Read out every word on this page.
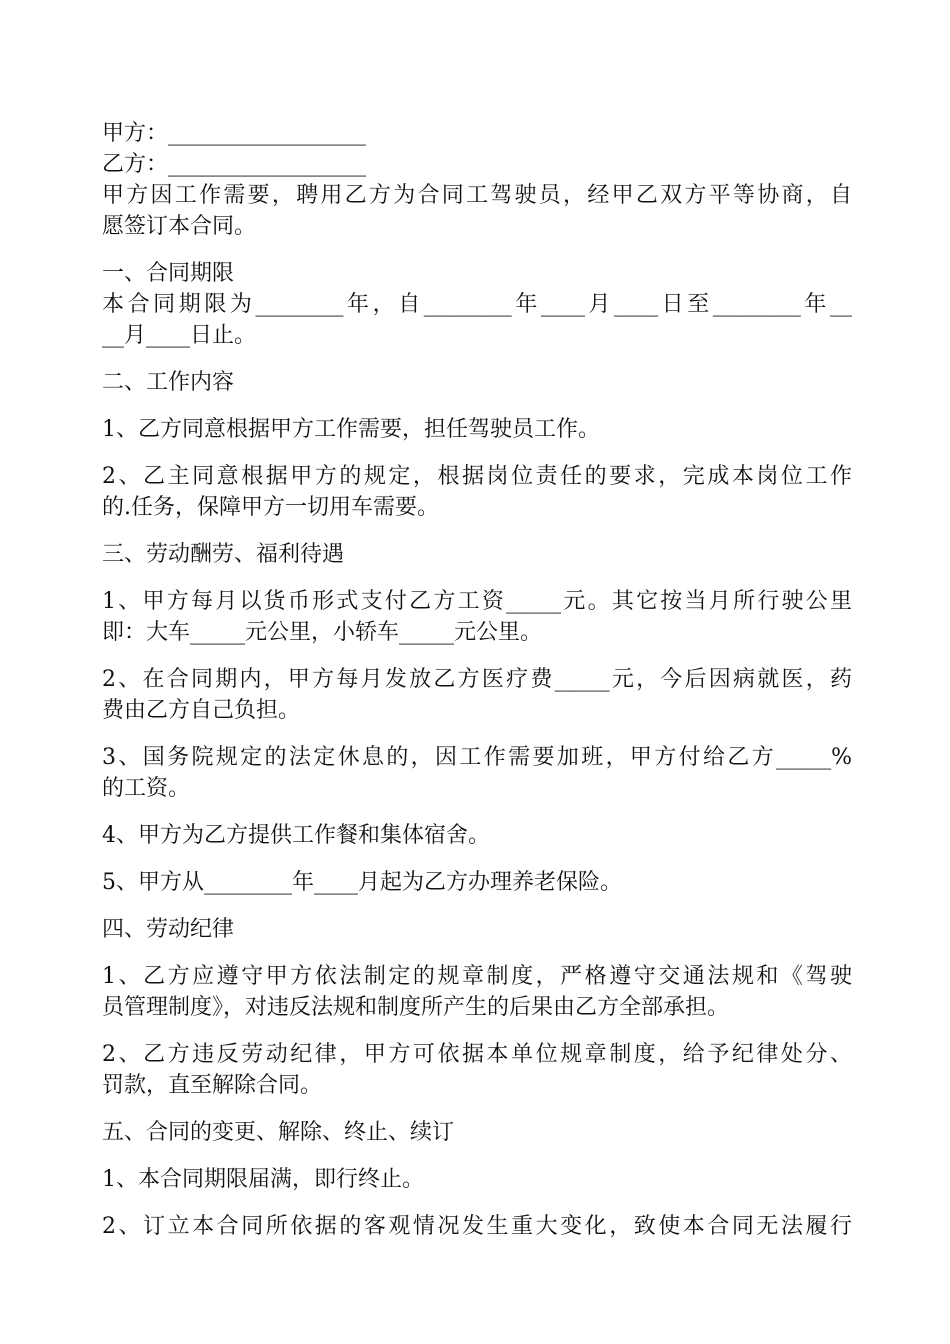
甲方：__________________
乙方：__________________
甲方因工作需要，聘用乙方为合同工驾驶员，经甲乙双方平等协商，自
愿签订本合同。
一、合同期限
本合同期限为________年，自________年____月____日至________年__
__月____日止。
二、工作内容
1、乙方同意根据甲方工作需要，担任驾驶员工作。
2、乙主同意根据甲方的规定，根据岗位责任的要求，完成本岗位工作
的.任务，保障甲方一切用车需要。
三、劳动酬劳、福利待遇
1、甲方每月以货币形式支付乙方工资_____元。其它按当月所行驶公里
即：大车_____元公里，小轿车_____元公里。
2、在合同期内，甲方每月发放乙方医疗费_____元，今后因病就医，药
费由乙方自己负担。
3、国务院规定的法定休息的，因工作需要加班，甲方付给乙方_____%
的工资。
4、甲方为乙方提供工作餐和集体宿舍。
5、甲方从________年____月起为乙方办理养老保险。
四、劳动纪律
1、乙方应遵守甲方依法制定的规章制度，严格遵守交通法规和《驾驶
员管理制度》，对违反法规和制度所产生的后果由乙方全部承担。
2、乙方违反劳动纪律，甲方可依据本单位规章制度，给予纪律处分、
罚款，直至解除合同。
五、合同的变更、解除、终止、续订
1、本合同期限届满，即行终止。
2、订立本合同所依据的客观情况发生重大变化，致使本合同无法履行
